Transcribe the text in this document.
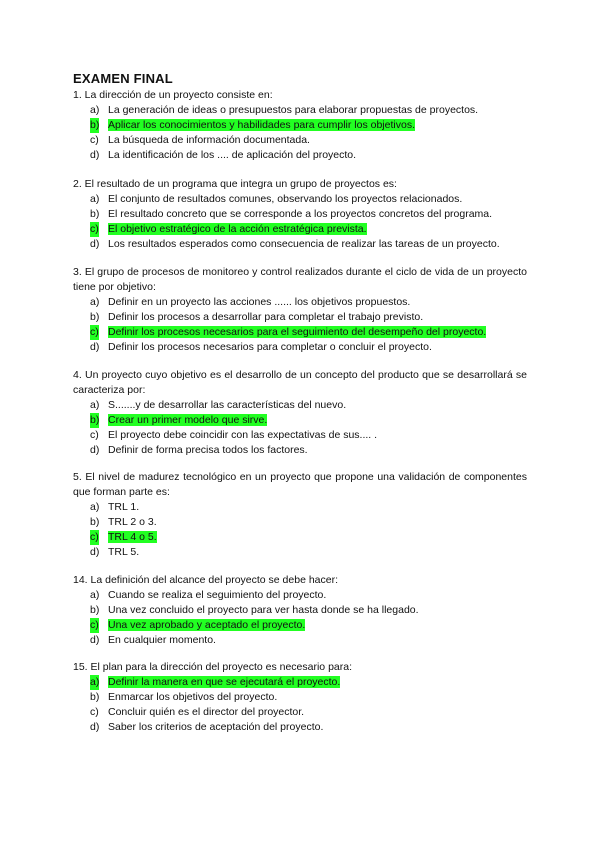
EXAMEN FINAL

1. La dirección de un proyecto consiste en:

a) La generación de ideas o presupuestos para elaborar propuestas de proyectos.
b) Aplicar los conocimientos y habilidades para cumplir los objetivos.
c) La búsqueda de información documentada.
d) La identificación de los .... de aplicación del proyecto.

2. El resultado de un programa que integra un grupo de proyectos es:

a) El conjunto de resultados comunes, observando los proyectos relacionados.
b) El resultado concreto que se corresponde a los proyectos concretos del programa.
c) El objetivo estratégico de la acción estratégica prevista.
d) Los resultados esperados como consecuencia de realizar las tareas de un proyecto.

3. El grupo de procesos de monitoreo y control realizados durante el ciclo de vida de un proyecto tiene por objetivo:

a) Definir en un proyecto las acciones ...... los objetivos propuestos.
b) Definir los procesos a desarrollar para completar el trabajo previsto.
c) Definir los procesos necesarios para el seguimiento del desempeño del proyecto.
d) Definir los procesos necesarios para completar o concluir el proyecto.

4. Un proyecto cuyo objetivo es el desarrollo de un concepto del producto que se desarrollará se caracteriza por:

a) S.......y de desarrollar las características del nuevo.
b) Crear un primer modelo que sirve.
c) El proyecto debe coincidir con las expectativas de sus.... .
d) Definir de forma precisa todos los factores.

5. El nivel de madurez tecnológico en un proyecto que propone una validación de componentes que forman parte es:

a) TRL 1.
b) TRL 2 o 3.
c) TRL 4 o 5.
d) TRL 5.

14. La definición del alcance del proyecto se debe hacer:

a) Cuando se realiza el seguimiento del proyecto.
b) Una vez concluido el proyecto para ver hasta donde se ha llegado.
c) Una vez aprobado y aceptado el proyecto.
d) En cualquier momento.

15. El plan para la dirección del proyecto es necesario para:

a) Definir la manera en que se ejecutará el proyecto.
b) Enmarcar los objetivos del proyecto.
c) Concluir quién es el director del proyector.
d) Saber los criterios de aceptación del proyecto.
